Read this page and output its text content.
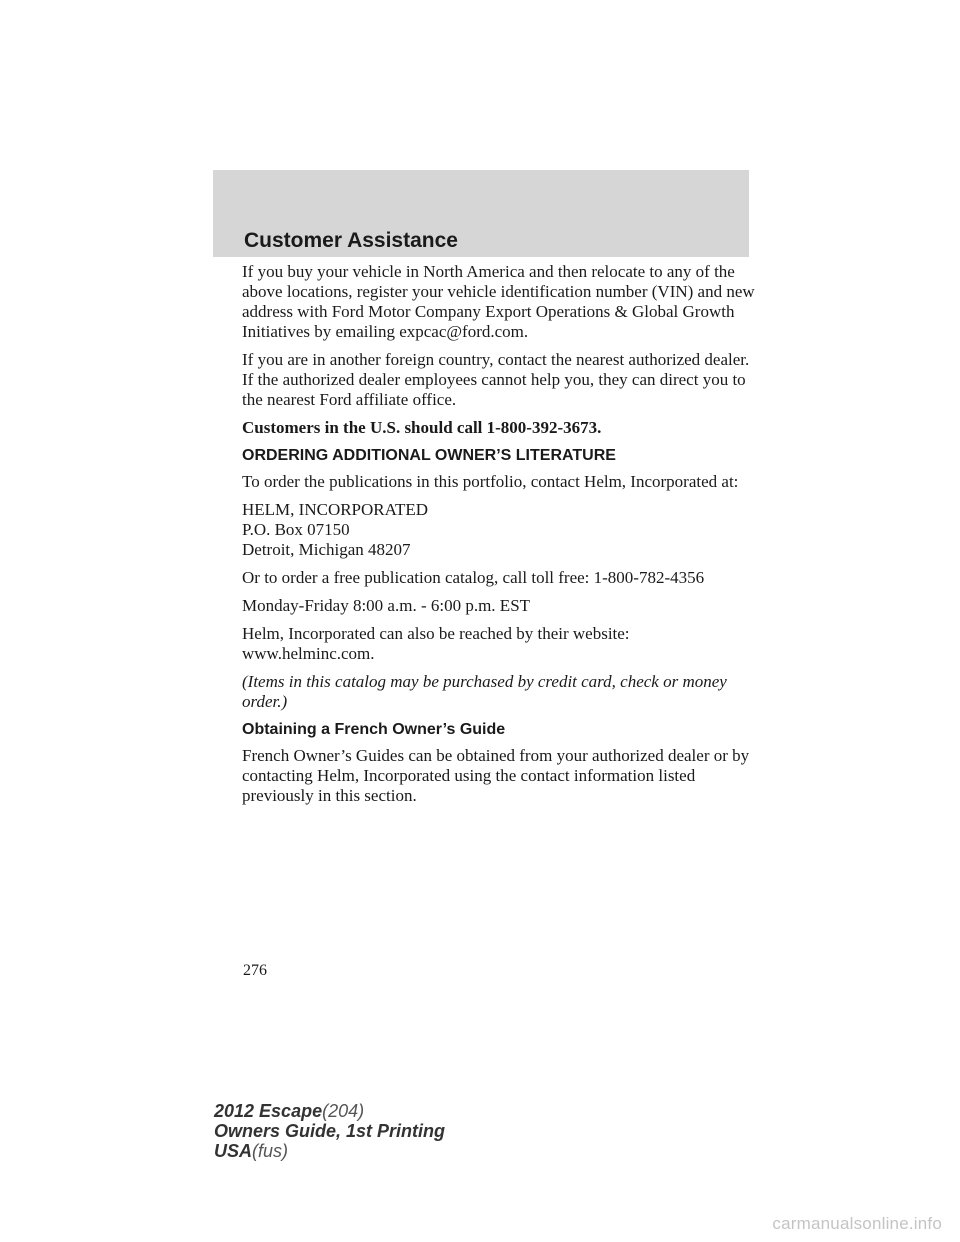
Customer Assistance

If you buy your vehicle in North America and then relocate to any of the above locations, register your vehicle identification number (VIN) and new address with Ford Motor Company Export Operations & Global Growth Initiatives by emailing expcac@ford.com.

If you are in another foreign country, contact the nearest authorized dealer. If the authorized dealer employees cannot help you, they can direct you to the nearest Ford affiliate office.

Customers in the U.S. should call 1-800-392-3673.

ORDERING ADDITIONAL OWNER’S LITERATURE

To order the publications in this portfolio, contact Helm, Incorporated at:

HELM, INCORPORATED
P.O. Box 07150
Detroit, Michigan 48207

Or to order a free publication catalog, call toll free: 1-800-782-4356

Monday-Friday 8:00 a.m. - 6:00 p.m. EST

Helm, Incorporated can also be reached by their website:
www.helminc.com.

(Items in this catalog may be purchased by credit card, check or money order.)

Obtaining a French Owner’s Guide

French Owner’s Guides can be obtained from your authorized dealer or by contacting Helm, Incorporated using the contact information listed previously in this section.

276
2012 Escape(204)
Owners Guide, 1st Printing
USA(fus)
carmanualsonline.info
